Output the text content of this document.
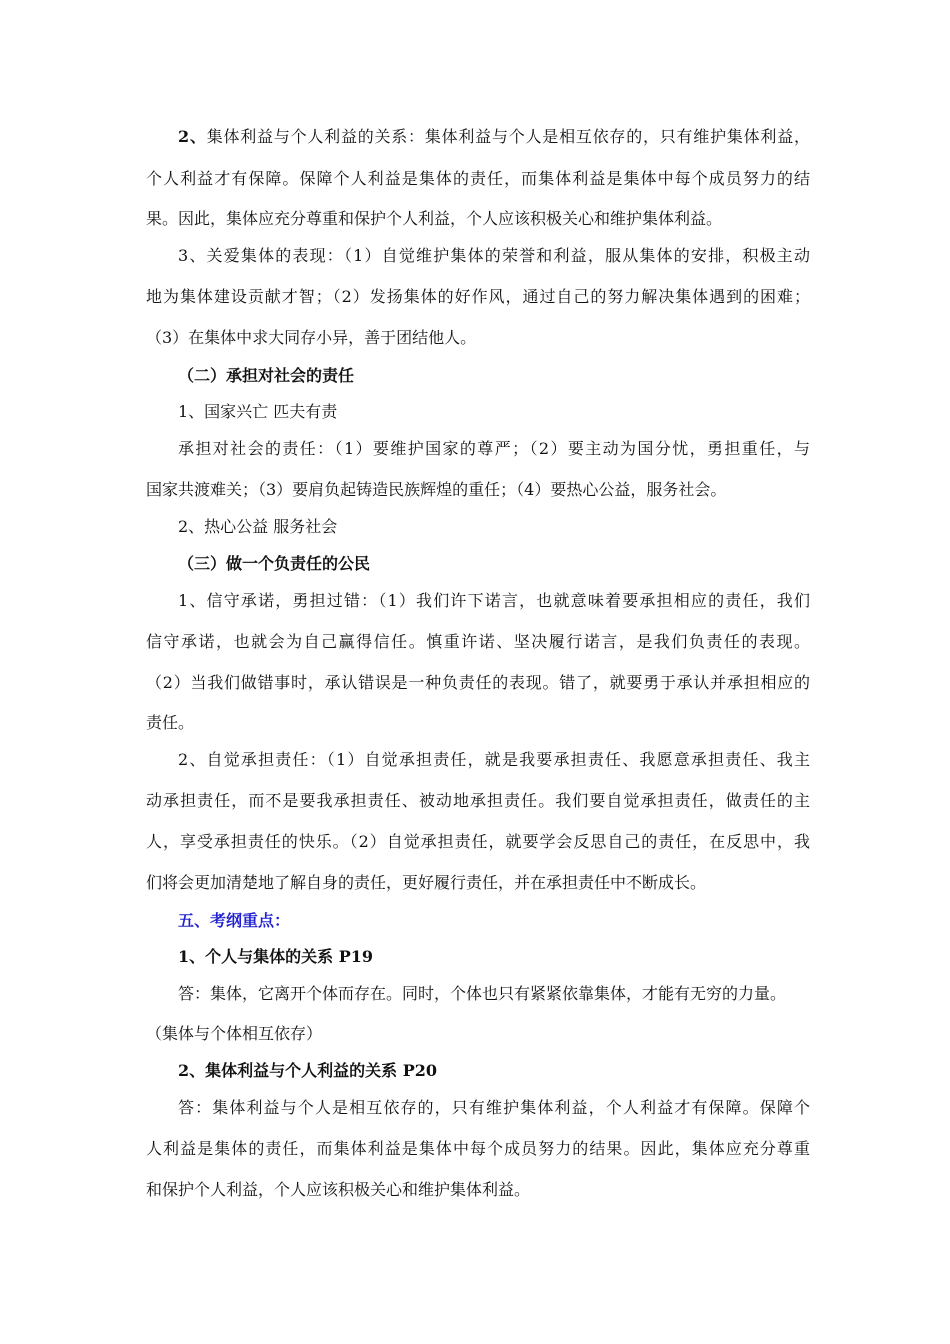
2、集体利益与个人利益的关系：集体利益与个人是相互依存的，只有维护集体利益，
个人利益才有保障。保障个人利益是集体的责任，而集体利益是集体中每个成员努力的结
果。因此，集体应充分尊重和保护个人利益，个人应该积极关心和维护集体利益。
3、关爱集体的表现：（1）自觉维护集体的荣誉和利益，服从集体的安排，积极主动
地为集体建设贡献才智；（2）发扬集体的好作风，通过自己的努力解决集体遇到的困难；
（3）在集体中求大同存小异，善于团结他人。
（二）承担对社会的责任
1、国家兴亡 匹夫有责
承担对社会的责任：（1）要维护国家的尊严；（2）要主动为国分忧，勇担重任，与
国家共渡难关；（3）要肩负起铸造民族辉煌的重任；（4）要热心公益，服务社会。
2、热心公益 服务社会
（三）做一个负责任的公民
1、信守承诺，勇担过错：（1）我们许下诺言，也就意味着要承担相应的责任，我们
信守承诺，也就会为自己赢得信任。慎重许诺、坚决履行诺言，是我们负责任的表现。
（2）当我们做错事时，承认错误是一种负责任的表现。错了，就要勇于承认并承担相应的
责任。
2、自觉承担责任：（1）自觉承担责任，就是我要承担责任、我愿意承担责任、我主
动承担责任，而不是要我承担责任、被动地承担责任。我们要自觉承担责任，做责任的主
人，享受承担责任的快乐。（2）自觉承担责任，就要学会反思自己的责任，在反思中，我
们将会更加清楚地了解自身的责任，更好履行责任，并在承担责任中不断成长。
五、考纲重点：
1、个人与集体的关系 P19
答：集体，它离开个体而存在。同时，个体也只有紧紧依靠集体，才能有无穷的力量。
（集体与个体相互依存）
2、集体利益与个人利益的关系 P20
答：集体利益与个人是相互依存的，只有维护集体利益，个人利益才有保障。保障个
人利益是集体的责任，而集体利益是集体中每个成员努力的结果。因此，集体应充分尊重
和保护个人利益，个人应该积极关心和维护集体利益。
